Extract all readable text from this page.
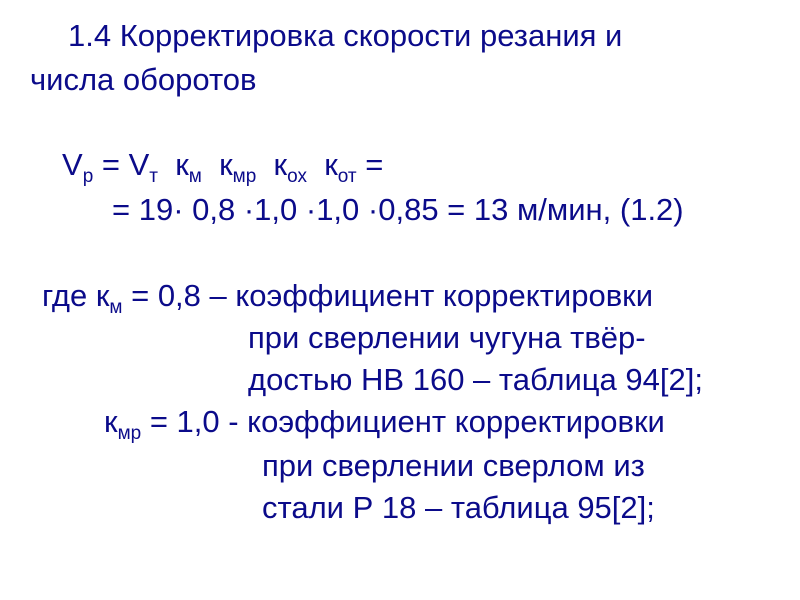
1.4 Корректировка скорости резания и
числа оборотов
$V_р = V_т$ $к_м$ $к_{мр}$ $к_{ох}$ $к_{от}$ =
= 19· 0,8 ·1,0 ·1,0 ·0,85 = 13 м/мин, (1.2)
где $к_м = 0,8$ – коэффициент корректировки
при сверлении чугуна твёр-
достью НВ 160 – таблица 94[2];
$к_{мр} = 1,0$ - коэффициент корректировки
при сверлении сверлом из
стали Р 18 – таблица 95[2];
